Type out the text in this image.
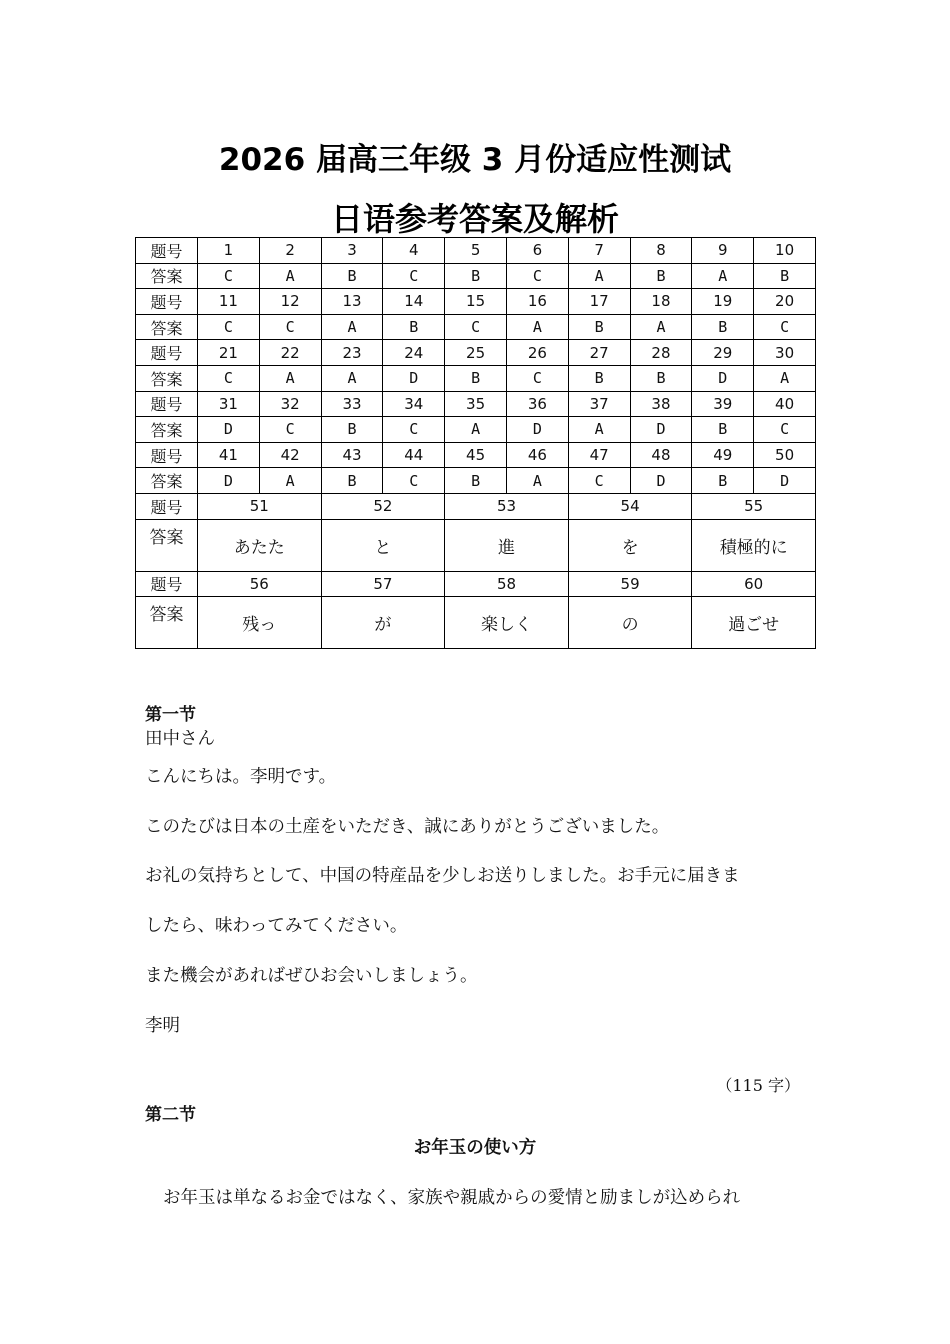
2026 届高三年级 3 月份适应性测试
日语参考答案及解析
题号	1	2	3	4	5	6	7	8	9	10
答案	C	A	B	C	B	C	A	B	A	B
题号	11	12	13	14	15	16	17	18	19	20
答案	C	C	A	B	C	A	B	A	B	C
题号	21	22	23	24	25	26	27	28	29	30
答案	C	A	A	D	B	C	B	B	D	A
题号	31	32	33	34	35	36	37	38	39	40
答案	D	C	B	C	A	D	A	D	B	C
题号	41	42	43	44	45	46	47	48	49	50
答案	D	A	B	C	B	A	C	D	B	D
题号	51		52		53		54		55	
答案	あたた		と		進		を		積極的に	
题号	56		57		58		59		60	
答案	残っ		が		楽しく		の		過ごせ	
第一节
田中さん
こんにちは。李明です。
このたびは日本の土産をいただき、誠にありがとうございました。
お礼の気持ちとして、中国の特産品を少しお送りしました。お手元に届きま
したら、味わってみてください。
また機会があればぜひお会いしましょう。
李明
（115 字）
第二节
お年玉の使い方
お年玉は単なるお金ではなく、家族や親戚からの愛情と励ましが込められ
